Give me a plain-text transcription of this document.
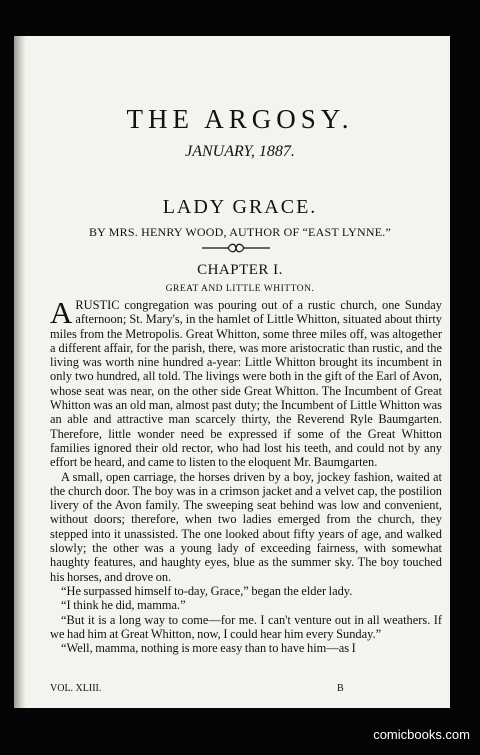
THE ARGOSY.
JANUARY, 1887.
LADY GRACE.
BY MRS. HENRY WOOD, AUTHOR OF “EAST LYNNE.”
CHAPTER I.
GREAT AND LITTLE WHITTON.

ARUSTIC congregation was pouring out of a rustic church, one Sunday afternoon; St. Mary's, in the hamlet of Little Whitton, situated about thirty miles from the Metropolis. Great Whitton, some three miles off, was altogether a different affair, for the parish, there, was more aristocratic than rustic, and the living was worth nine hundred a-year: Little Whitton brought its incumbent in only two hundred, all told. The livings were both in the gift of the Earl of Avon, whose seat was near, on the other side Great Whitton. The Incumbent of Great Whitton was an old man, almost past duty; the Incumbent of Little Whitton was an able and attractive man scarcely thirty, the Reverend Ryle Baumgarten. Therefore, little wonder need be expressed if some of the Great Whitton families ignored their old rector, who had lost his teeth, and could not by any effort be heard, and came to listen to the eloquent Mr. Baumgarten.

A small, open carriage, the horses driven by a boy, jockey fashion, waited at the church door. The boy was in a crimson jacket and a velvet cap, the postilion livery of the Avon family. The sweeping seat behind was low and convenient, without doors; therefore, when two ladies emerged from the church, they stepped into it unassisted. The one looked about fifty years of age, and walked slowly; the other was a young lady of exceeding fairness, with somewhat haughty features, and haughty eyes, blue as the summer sky. The boy touched his horses, and drove on.

“He surpassed himself to-day, Grace,” began the elder lady.

“I think he did, mamma.”

“But it is a long way to come—for me. I can't venture out in all weathers. If we had him at Great Whitton, now, I could hear him every Sunday.”

“Well, mamma, nothing is more easy than to have him—as I

VOL. XLIII.	B
comicbooks.com
